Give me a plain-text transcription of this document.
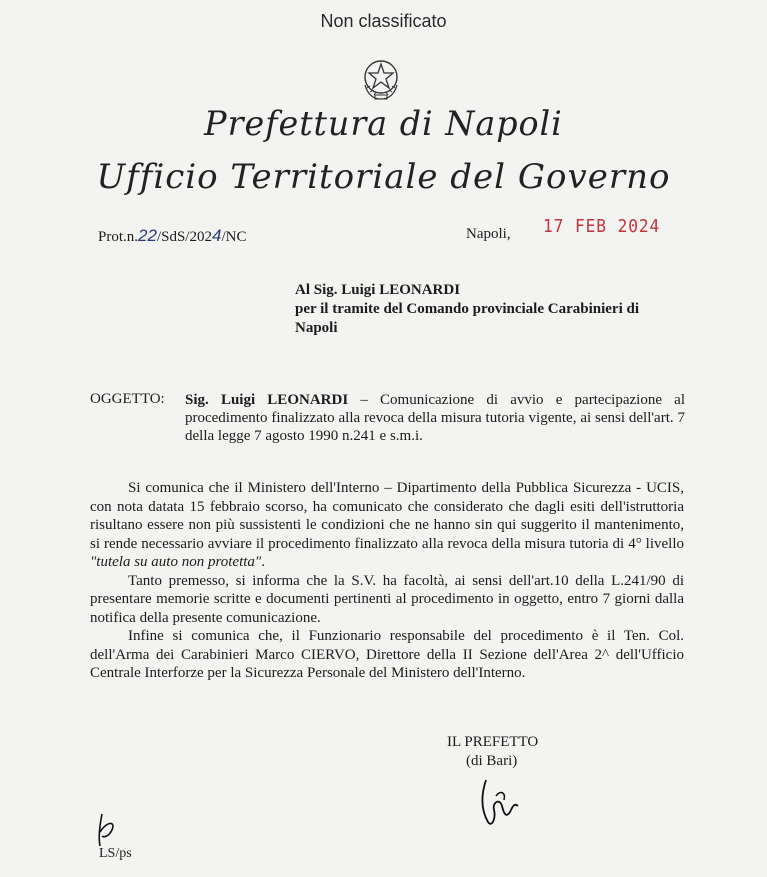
Non classificato
Prefettura di Napoli
Ufficio Territoriale del Governo
Prot.n.22/SdS/2024/NC	Napoli, 17 FEB 2024
Al Sig. Luigi LEONARDI
per il tramite del Comando provinciale Carabinieri di
Napoli
OGGETTO: Sig. Luigi LEONARDI – Comunicazione di avvio e partecipazione al procedimento finalizzato alla revoca della misura tutoria vigente, ai sensi dell'art. 7 della legge 7 agosto 1990 n.241 e s.m.i.

Si comunica che il Ministero dell'Interno – Dipartimento della Pubblica Sicurezza - UCIS, con nota datata 15 febbraio scorso, ha comunicato che considerato che dagli esiti dell'istruttoria risultano essere non più sussistenti le condizioni che ne hanno sin qui suggerito il mantenimento, si rende necessario avviare il procedimento finalizzato alla revoca della misura tutoria di 4° livello "tutela su auto non protetta".

Tanto premesso, si informa che la S.V. ha facoltà, ai sensi dell'art.10 della L.241/90 di presentare memorie scritte e documenti pertinenti al procedimento in oggetto, entro 7 giorni dalla notifica della presente comunicazione.

Infine si comunica che, il Funzionario responsabile del procedimento è il Ten. Col. dell'Arma dei Carabinieri Marco CIERVO, Direttore della II Sezione dell'Area 2^ dell'Ufficio Centrale Interforze per la Sicurezza Personale del Ministero dell'Interno.

IL PREFETTO
(di Bari)
LS/ps
